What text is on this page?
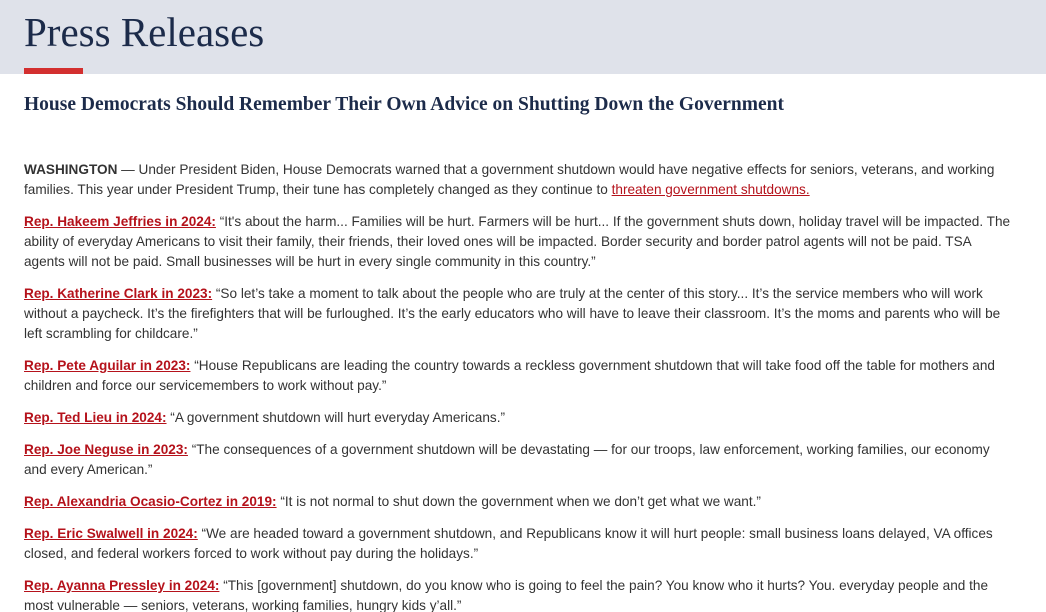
Press Releases
House Democrats Should Remember Their Own Advice on Shutting Down the Government

WASHINGTON — Under President Biden, House Democrats warned that a government shutdown would have negative effects for seniors, veterans, and working families. This year under President Trump, their tune has completely changed as they continue to threaten government shutdowns.

Rep. Hakeem Jeffries in 2024: “It's about the harm... Families will be hurt. Farmers will be hurt... If the government shuts down, holiday travel will be impacted. The ability of everyday Americans to visit their family, their friends, their loved ones will be impacted. Border security and border patrol agents will not be paid. TSA agents will not be paid. Small businesses will be hurt in every single community in this country.”

Rep. Katherine Clark in 2023: “So let’s take a moment to talk about the people who are truly at the center of this story... It’s the service members who will work without a paycheck. It’s the firefighters that will be furloughed. It’s the early educators who will have to leave their classroom. It’s the moms and parents who will be left scrambling for childcare.”

Rep. Pete Aguilar in 2023: “House Republicans are leading the country towards a reckless government shutdown that will take food off the table for mothers and children and force our servicemembers to work without pay.”

Rep. Ted Lieu in 2024: “A government shutdown will hurt everyday Americans.”

Rep. Joe Neguse in 2023: “The consequences of a government shutdown will be devastating — for our troops, law enforcement, working families, our economy and every American.”

Rep. Alexandria Ocasio-Cortez in 2019: “It is not normal to shut down the government when we don’t get what we want.”

Rep. Eric Swalwell in 2024: “We are headed toward a government shutdown, and Republicans know it will hurt people: small business loans delayed, VA offices closed, and federal workers forced to work without pay during the holidays.”

Rep. Ayanna Pressley in 2024: “This [government] shutdown, do you know who is going to feel the pain? You know who it hurts? You. everyday people and the most vulnerable — seniors, veterans, working families, hungry kids y’all.”
